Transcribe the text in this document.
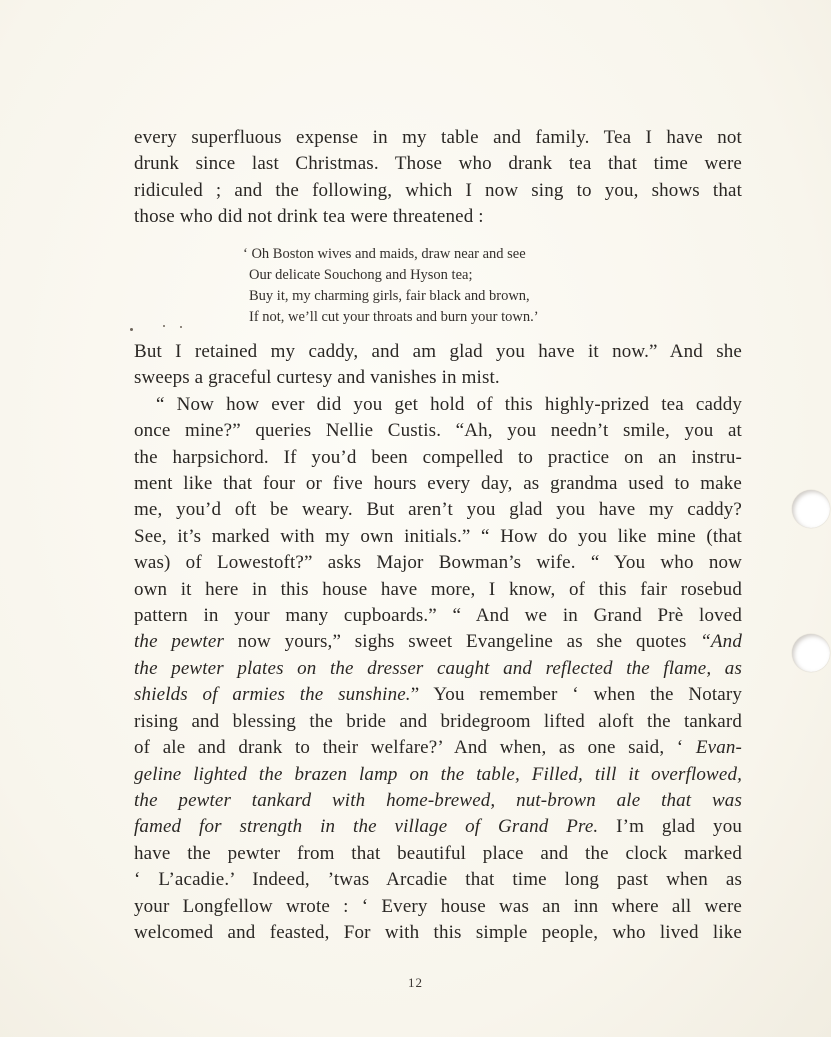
every superfluous expense in my table and family. Tea I have not
drunk since last Christmas. Those who drank tea that time were
ridiculed ; and the following, which I now sing to you, shows that
those who did not drink tea were threatened :
‘ Oh Boston wives and maids, draw near and see
Our delicate Souchong and Hyson tea;
Buy it, my charming girls, fair black and brown,
If not, we’ll cut your throats and burn your town.’
But I retained my caddy, and am glad you have it now.” And she
sweeps a graceful curtesy and vanishes in mist.
“ Now how ever did you get hold of this highly-prized tea caddy
once mine?” queries Nellie Custis. “Ah, you needn’t smile, you at
the harpsichord. If you’d been compelled to practice on an instru-
ment like that four or five hours every day, as grandma used to make
me, you’d oft be weary. But aren’t you glad you have my caddy?
See, it’s marked with my own initials.” “ How do you like mine (that
was) of Lowestoft?” asks Major Bowman’s wife. “ You who now
own it here in this house have more, I know, of this fair rosebud
pattern in your many cupboards.” “ And we in Grand Prè loved
the pewter now yours,” sighs sweet Evangeline as she quotes “And
the pewter plates on the dresser caught and reflected the flame, as
shields of armies the sunshine.” You remember ‘ when the Notary
rising and blessing the bride and bridegroom lifted aloft the tankard
of ale and drank to their welfare?’ And when, as one said, ‘ Evan-
geline lighted the brazen lamp on the table, Filled, till it overflowed,
the pewter tankard with home-brewed, nut-brown ale that was
famed for strength in the village of Grand Pre. I’m glad you
have the pewter from that beautiful place and the clock marked
‘ L’acadie.’ Indeed, ’twas Arcadie that time long past when as
your Longfellow wrote : ‘ Every house was an inn where all were
welcomed and feasted, For with this simple people, who lived like
12
